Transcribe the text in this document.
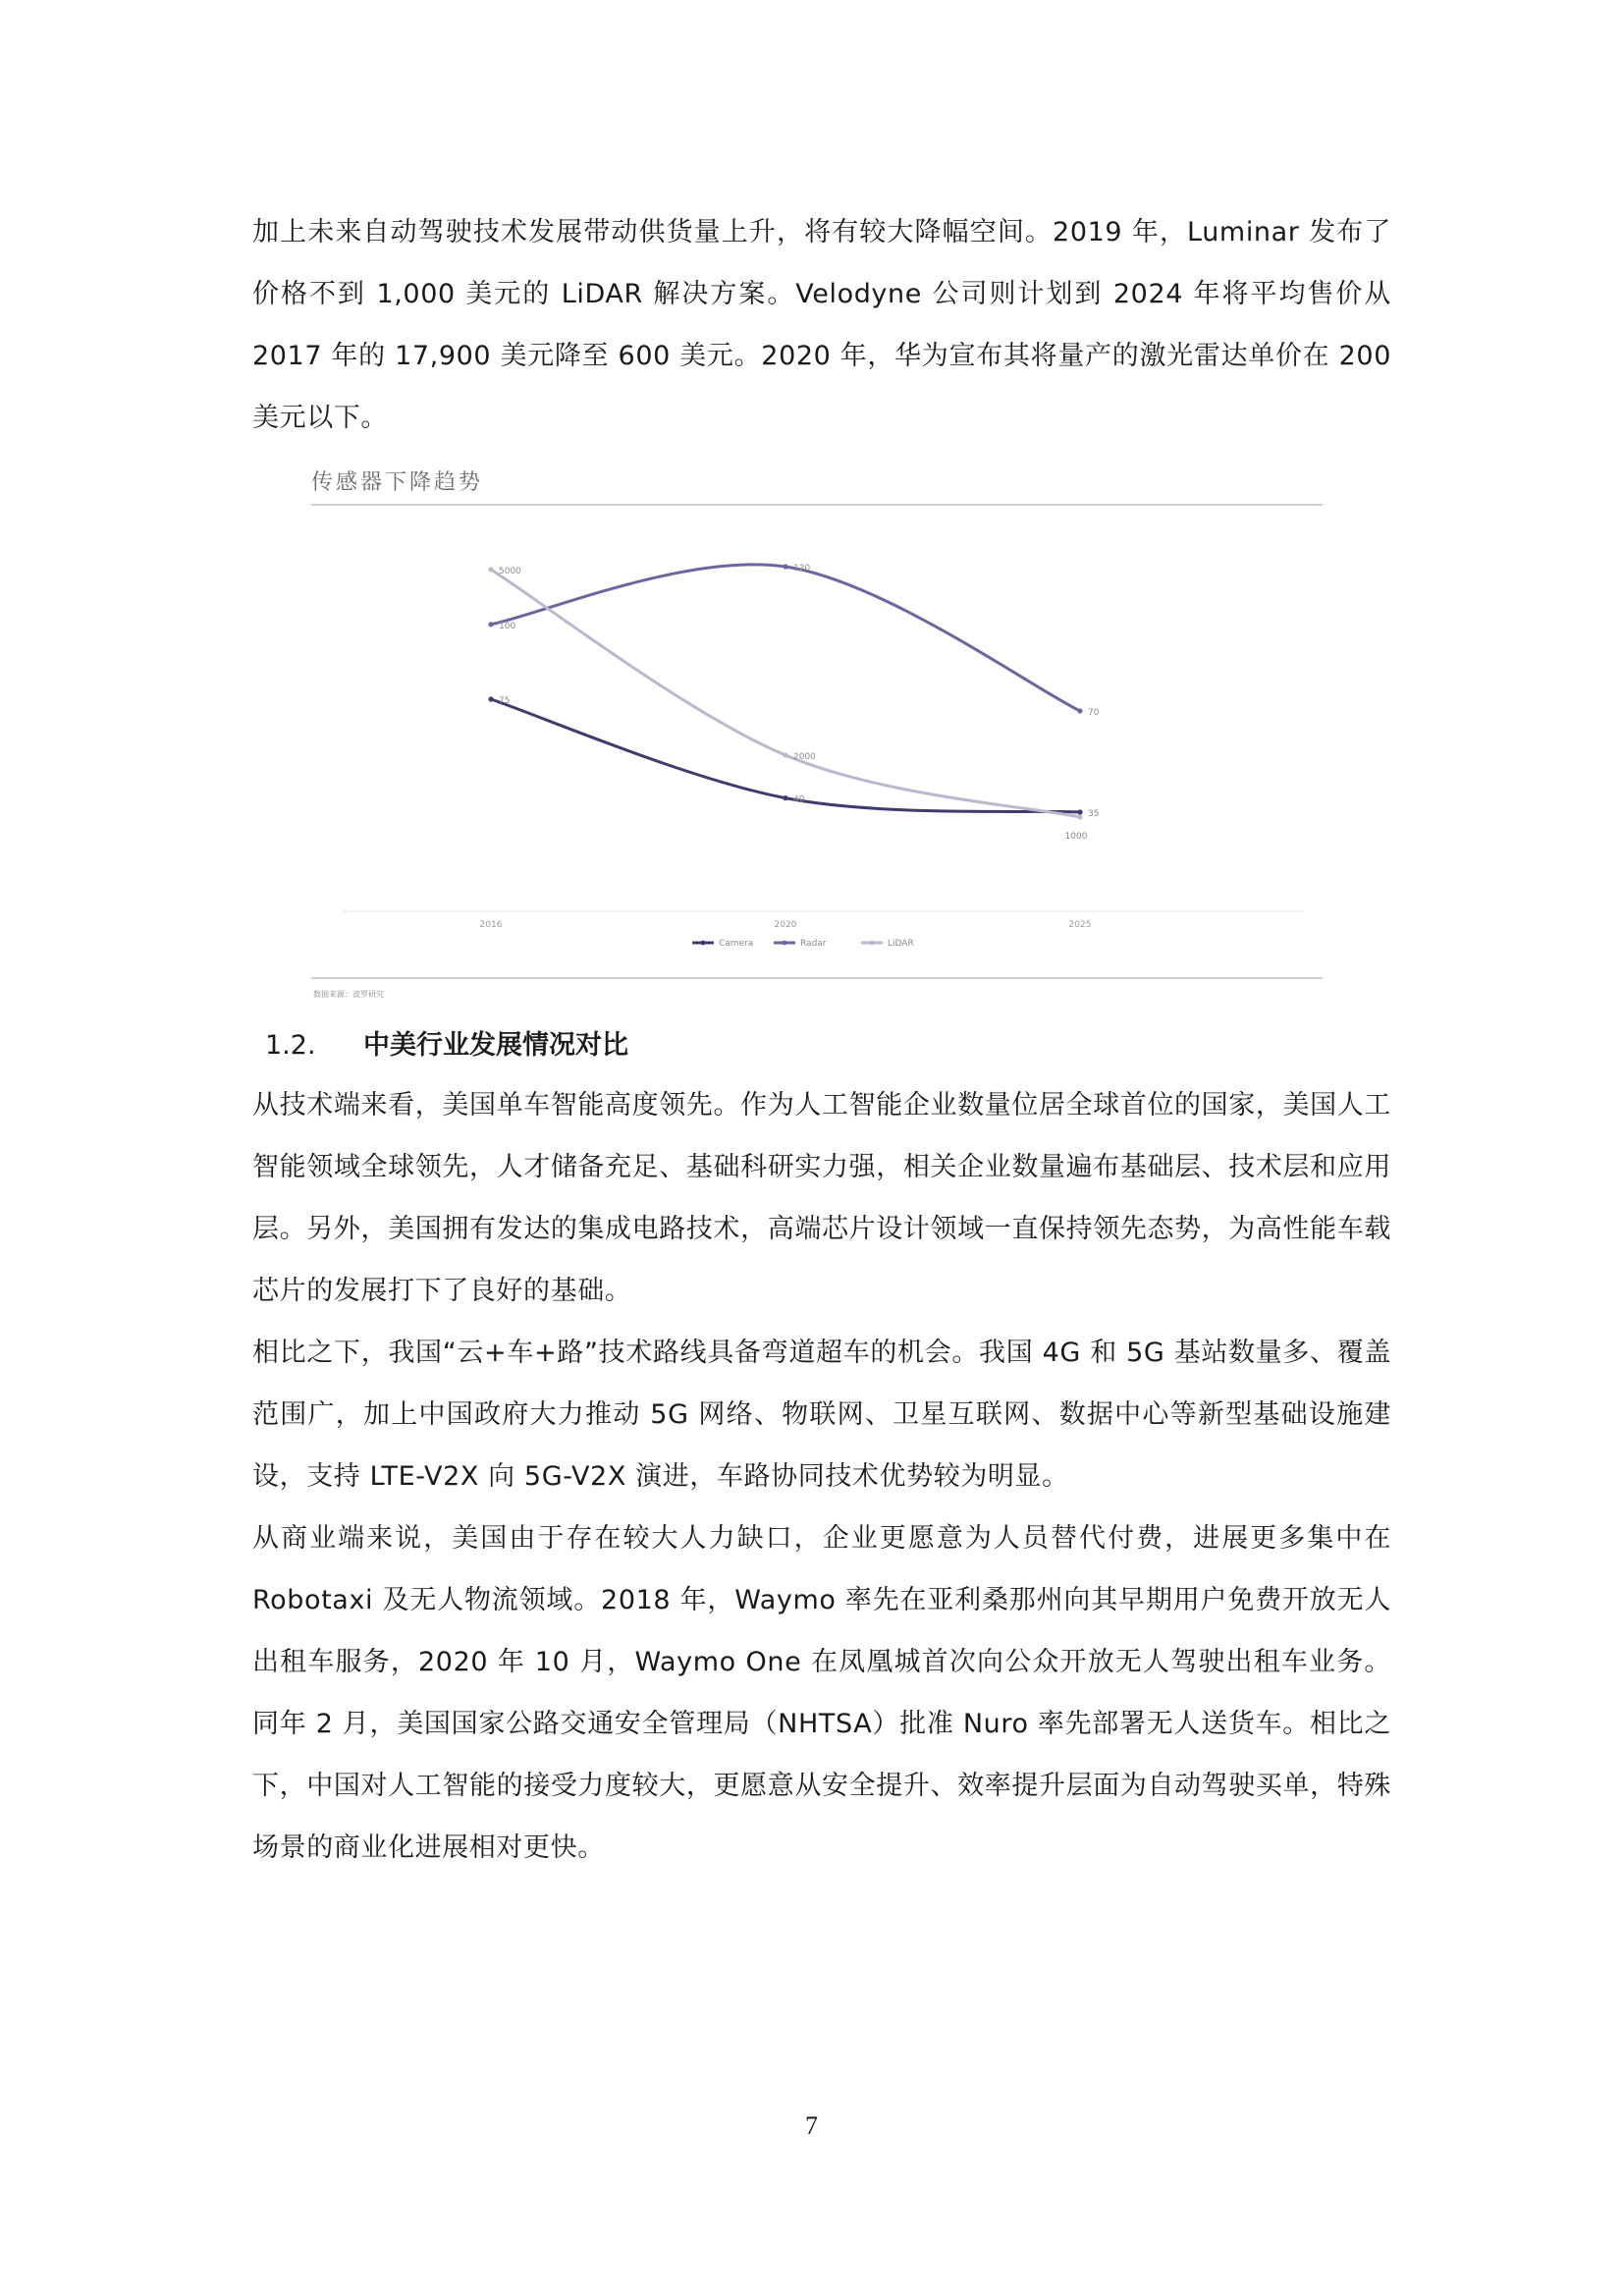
加上未来自动驾驶技术发展带动供货量上升，将有较大降幅空间。2019 年，Luminar 发布了价格不到 1,000 美元的 LiDAR 解决方案。Velodyne 公司则计划到 2024 年将平均售价从 2017 年的 17,900 美元降至 600 美元。2020 年，华为宣布其将量产的激光雷达单价在 200 美元以下。

传感器下降趋势
2016	2020	2025
75
40
35
100
120
70
5000
2000
1000
Camera	Radar	LiDAR
数据来源：波罗研究
1.2. 中美行业发展情况对比

从技术端来看，美国单车智能高度领先。作为人工智能企业数量位居全球首位的国家，美国人工智能领域全球领先，人才储备充足、基础科研实力强，相关企业数量遍布基础层、技术层和应用层。另外，美国拥有发达的集成电路技术，高端芯片设计领域一直保持领先态势，为高性能车载芯片的发展打下了良好的基础。

相比之下，我国“云+车+路”技术路线具备弯道超车的机会。我国 4G 和 5G 基站数量多、覆盖范围广，加上中国政府大力推动 5G 网络、物联网、卫星互联网、数据中心等新型基础设施建设，支持 LTE-V2X 向 5G-V2X 演进，车路协同技术优势较为明显。

从商业端来说，美国由于存在较大人力缺口，企业更愿意为人员替代付费，进展更多集中在 Robotaxi 及无人物流领域。2018 年，Waymo 率先在亚利桑那州向其早期用户免费开放无人出租车服务，2020 年 10 月，Waymo One 在凤凰城首次向公众开放无人驾驶出租车业务。同年 2 月，美国国家公路交通安全管理局（NHTSA）批准 Nuro 率先部署无人送货车。相比之下，中国对人工智能的接受力度较大，更愿意从安全提升、效率提升层面为自动驾驶买单，特殊场景的商业化进展相对更快。

7
